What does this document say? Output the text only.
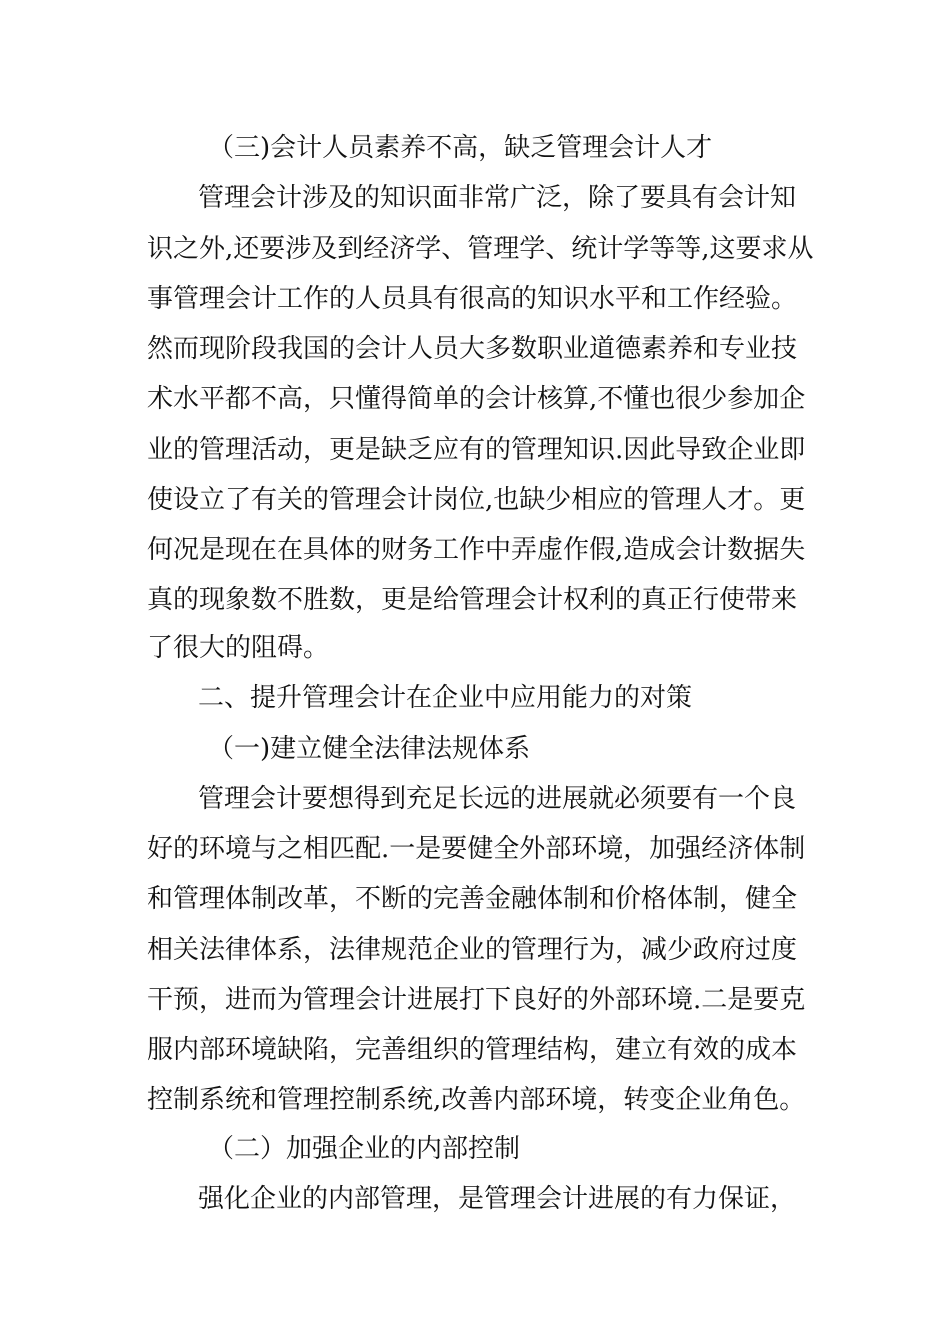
（三)会计人员素养不高，缺乏管理会计人才
管理会计涉及的知识面非常广泛，除了要具有会计知
识之外,还要涉及到经济学、管理学、统计学等等,这要求从
事管理会计工作的人员具有很高的知识水平和工作经验。
然而现阶段我国的会计人员大多数职业道德素养和专业技
术水平都不高，只懂得简单的会计核算,不懂也很少参加企
业的管理活动，更是缺乏应有的管理知识.因此导致企业即
使设立了有关的管理会计岗位,也缺少相应的管理人才。更
何况是现在在具体的财务工作中弄虚作假,造成会计数据失
真的现象数不胜数，更是给管理会计权利的真正行使带来
了很大的阻碍。
二、提升管理会计在企业中应用能力的对策
（一)建立健全法律法规体系
管理会计要想得到充足长远的进展就必须要有一个良
好的环境与之相匹配.一是要健全外部环境，加强经济体制
和管理体制改革，不断的完善金融体制和价格体制，健全
相关法律体系，法律规范企业的管理行为，减少政府过度
干预，进而为管理会计进展打下良好的外部环境.二是要克
服内部环境缺陷，完善组织的管理结构，建立有效的成本
控制系统和管理控制系统,改善内部环境，转变企业角色。
（二）加强企业的内部控制
强化企业的内部管理，是管理会计进展的有力保证，
